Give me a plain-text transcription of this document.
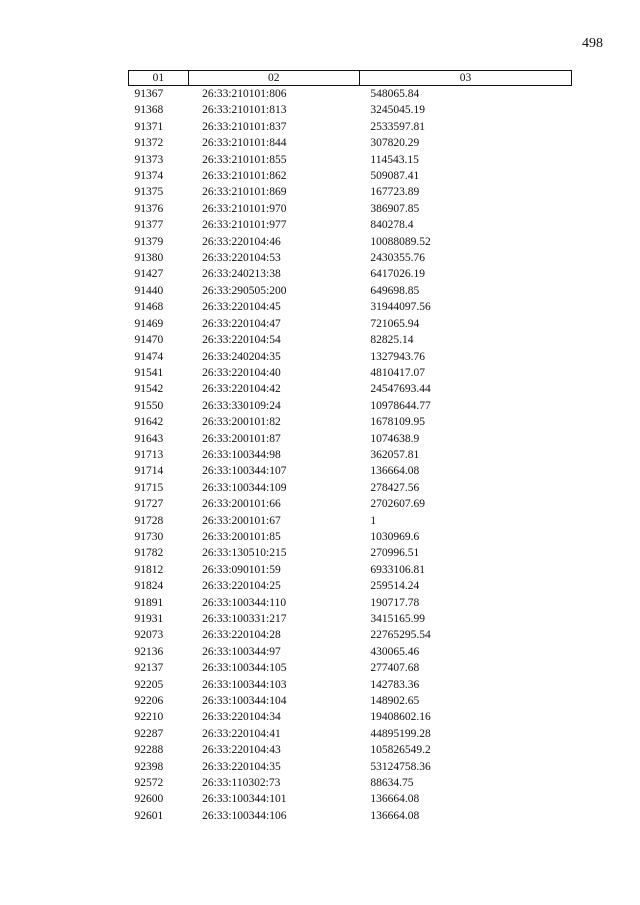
498
01	02	03
91367	26:33:210101:806	548065.84
91368	26:33:210101:813	3245045.19
91371	26:33:210101:837	2533597.81
91372	26:33:210101:844	307820.29
91373	26:33:210101:855	114543.15
91374	26:33:210101:862	509087.41
91375	26:33:210101:869	167723.89
91376	26:33:210101:970	386907.85
91377	26:33:210101:977	840278.4
91379	26:33:220104:46	10088089.52
91380	26:33:220104:53	2430355.76
91427	26:33:240213:38	6417026.19
91440	26:33:290505:200	649698.85
91468	26:33:220104:45	31944097.56
91469	26:33:220104:47	721065.94
91470	26:33:220104:54	82825.14
91474	26:33:240204:35	1327943.76
91541	26:33:220104:40	4810417.07
91542	26:33:220104:42	24547693.44
91550	26:33:330109:24	10978644.77
91642	26:33:200101:82	1678109.95
91643	26:33:200101:87	1074638.9
91713	26:33:100344:98	362057.81
91714	26:33:100344:107	136664.08
91715	26:33:100344:109	278427.56
91727	26:33:200101:66	2702607.69
91728	26:33:200101:67	1
91730	26:33:200101:85	1030969.6
91782	26:33:130510:215	270996.51
91812	26:33:090101:59	6933106.81
91824	26:33:220104:25	259514.24
91891	26:33:100344:110	190717.78
91931	26:33:100331:217	3415165.99
92073	26:33:220104:28	22765295.54
92136	26:33:100344:97	430065.46
92137	26:33:100344:105	277407.68
92205	26:33:100344:103	142783.36
92206	26:33:100344:104	148902.65
92210	26:33:220104:34	19408602.16
92287	26:33:220104:41	44895199.28
92288	26:33:220104:43	105826549.2
92398	26:33:220104:35	53124758.36
92572	26:33:110302:73	88634.75
92600	26:33:100344:101	136664.08
92601	26:33:100344:106	136664.08
